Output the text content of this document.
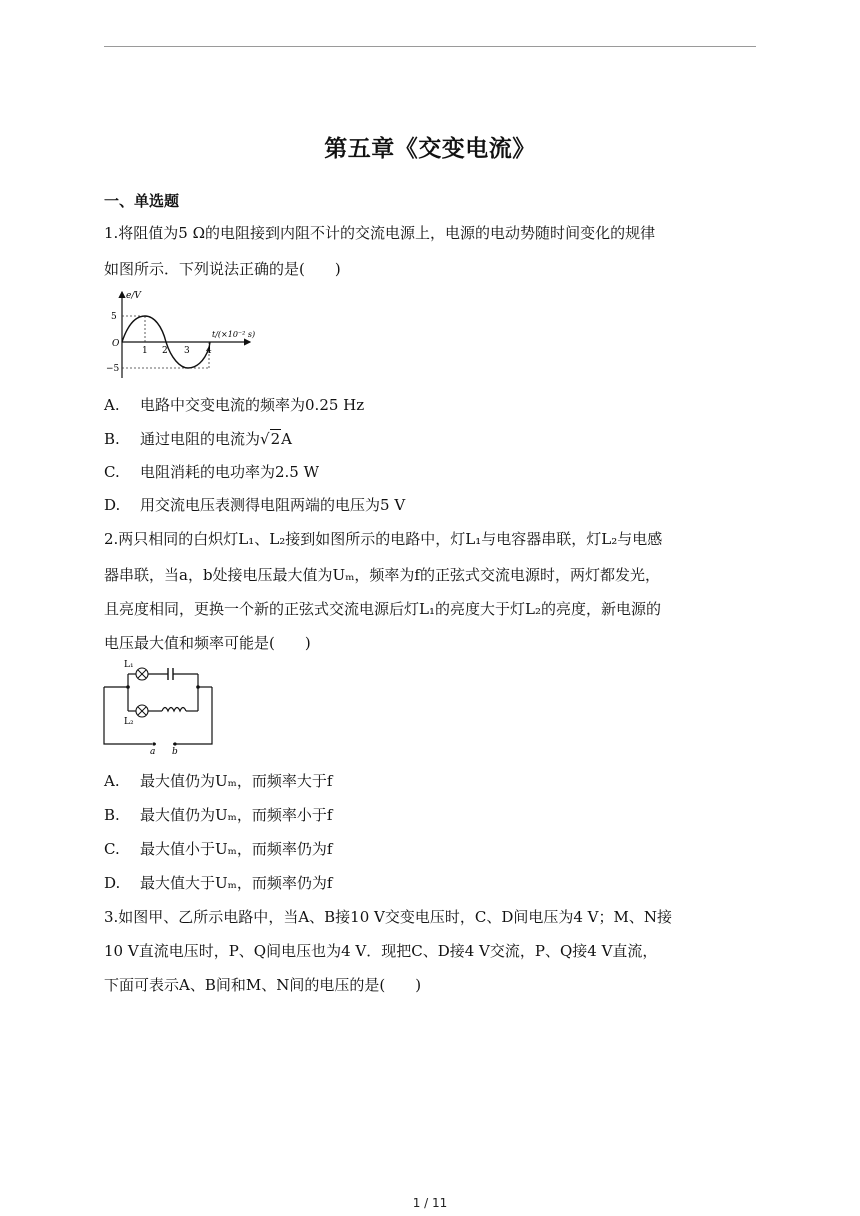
第五章《交变电流》
一、单选题
1.将阻值为5 Ω的电阻接到内阻不计的交流电源上，电源的电动势随时间变化的规律
如图所示．下列说法正确的是(　　)
e/V
t/(×10⁻² s)
O
5
−5
1 2 3 4
A. 电路中交变电流的频率为0.25 Hz
B. 通过电阻的电流为√2A
C. 电阻消耗的电功率为2.5 W
D. 用交流电压表测得电阻两端的电压为5 V
2.两只相同的白炽灯L₁、L₂接到如图所示的电路中，灯L₁与电容器串联，灯L₂与电感
器串联，当a，b处接电压最大值为Uₘ，频率为f的正弦式交流电源时，两灯都发光，
且亮度相同，更换一个新的正弦式交流电源后灯L₁的亮度大于灯L₂的亮度，新电源的
电压最大值和频率可能是(　　)
L₁
L₂
a b
A. 最大值仍为Uₘ，而频率大于f
B. 最大值仍为Uₘ，而频率小于f
C. 最大值小于Uₘ，而频率仍为f
D. 最大值大于Uₘ，而频率仍为f
3.如图甲、乙所示电路中，当A、B接10 V交变电压时，C、D间电压为4 V；M、N接
10 V直流电压时，P、Q间电压也为4 V．现把C、D接4 V交流，P、Q接4 V直流，
下面可表示A、B间和M、N间的电压的是(　　)
1 / 11
